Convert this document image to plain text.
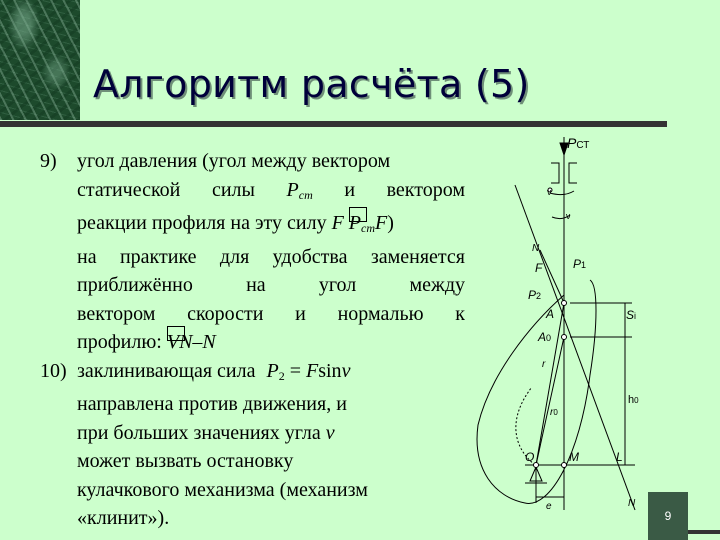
Алгоритм расчёта (5)
9) угол давления (угол между вектором
статической силы $P_{ст}$ и вектором
реакции профиля на эту силу F $P_{ст}F$)
на практике для удобства заменяется
приближённо на угол между
вектором скорости и нормалью к
профилю: VN–N
10) заклинивающая сила $P_2 = Fsin\nu$
направлена против движения, и
при больших значениях угла ν
может вызвать остановку
кулачкового механизма (механизм
«клинит»).
PСТ
ν
ν
N
F	P1
P2
A
A0
Si
r
r0
h0
O	M	L
e	N
9
